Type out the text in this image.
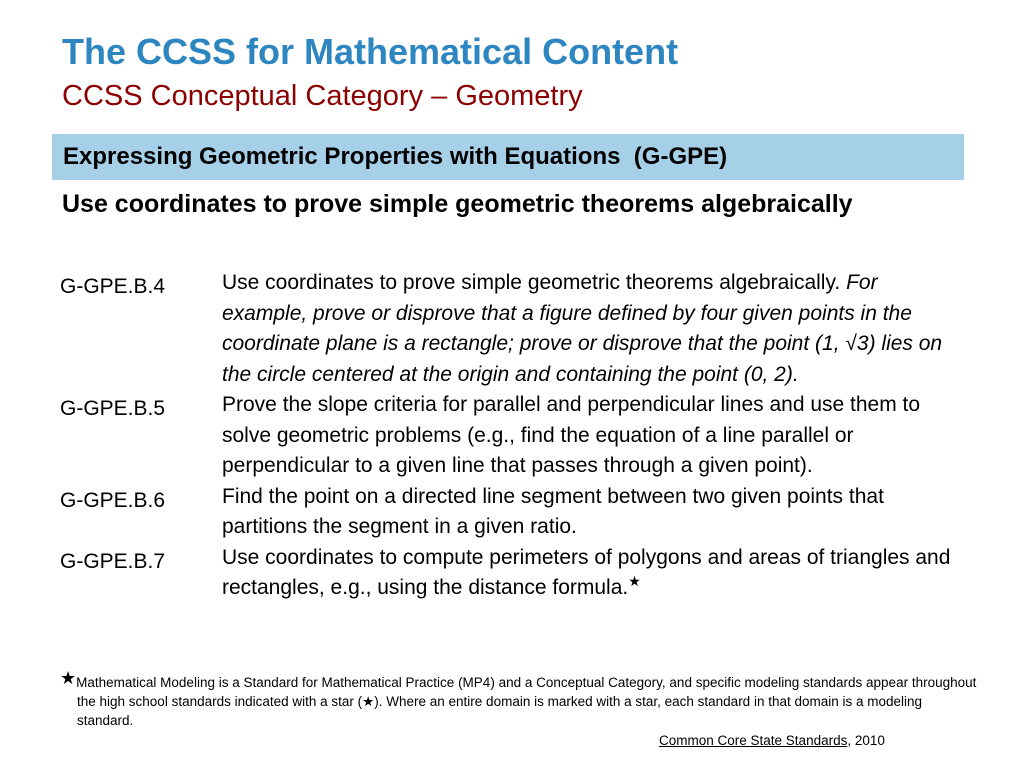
The CCSS for Mathematical Content
CCSS Conceptual Category – Geometry
Expressing Geometric Properties with Equations  (G-GPE)
Use coordinates to prove simple geometric theorems algebraically
G-GPE.B.4	Use coordinates to prove simple geometric theorems algebraically. For example, prove or disprove that a figure defined by four given points in the coordinate plane is a rectangle; prove or disprove that the point (1, √3) lies on the circle centered at the origin and containing the point (0, 2).
G-GPE.B.5	Prove the slope criteria for parallel and perpendicular lines and use them to solve geometric problems (e.g., find the equation of a line parallel or perpendicular to a given line that passes through a given point).
G-GPE.B.6	Find the point on a directed line segment between two given points that partitions the segment in a given ratio.
G-GPE.B.7	Use coordinates to compute perimeters of polygons and areas of triangles and rectangles, e.g., using the distance formula.★
★Mathematical Modeling is a Standard for Mathematical Practice (MP4) and a Conceptual Category, and specific modeling standards appear throughout the high school standards indicated with a star (★). Where an entire domain is marked with a star, each standard in that domain is a modeling standard.
Common Core State Standards, 2010
